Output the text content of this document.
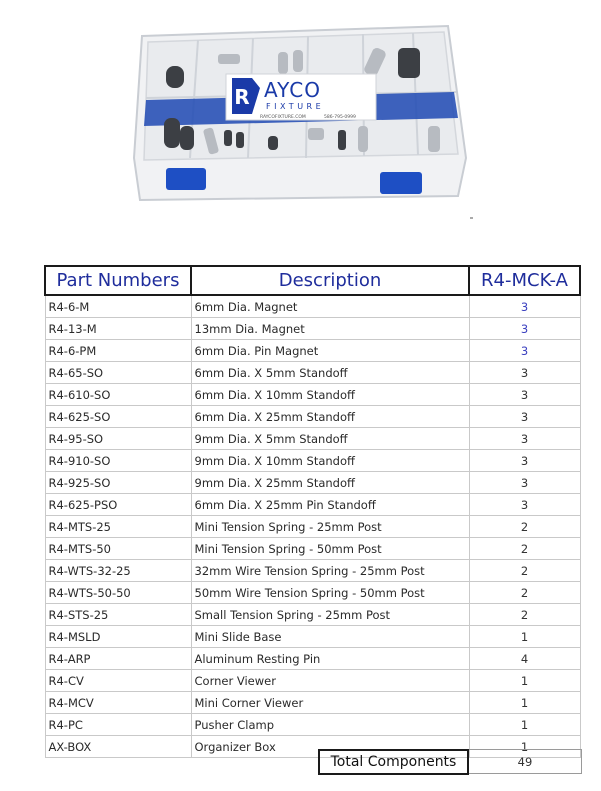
R AYCO
FIXTURE
RAYCOFIXTURE.COM	586-795-0999
Part Numbers	Description	R4-MCK-A
R4-6-M	6mm Dia. Magnet	3
R4-13-M	13mm Dia. Magnet	3
R4-6-PM	6mm Dia. Pin Magnet	3
R4-65-SO	6mm Dia. X 5mm Standoff	3
R4-610-SO	6mm Dia. X 10mm Standoff	3
R4-625-SO	6mm Dia. X 25mm Standoff	3
R4-95-SO	9mm Dia. X 5mm Standoff	3
R4-910-SO	9mm Dia. X 10mm Standoff	3
R4-925-SO	9mm Dia. X 25mm Standoff	3
R4-625-PSO	6mm Dia. X 25mm Pin Standoff	3
R4-MTS-25	Mini Tension Spring - 25mm Post	2
R4-MTS-50	Mini Tension Spring - 50mm Post	2
R4-WTS-32-25	32mm Wire Tension Spring - 25mm Post	2
R4-WTS-50-50	50mm Wire Tension Spring - 50mm Post	2
R4-STS-25	Small Tension Spring - 25mm Post	2
R4-MSLD	Mini Slide Base	1
R4-ARP	Aluminum Resting Pin	4
R4-CV	Corner Viewer	1
R4-MCV	Mini Corner Viewer	1
R4-PC	Pusher Clamp	1
AX-BOX	Organizer Box	1
Total Components	49
